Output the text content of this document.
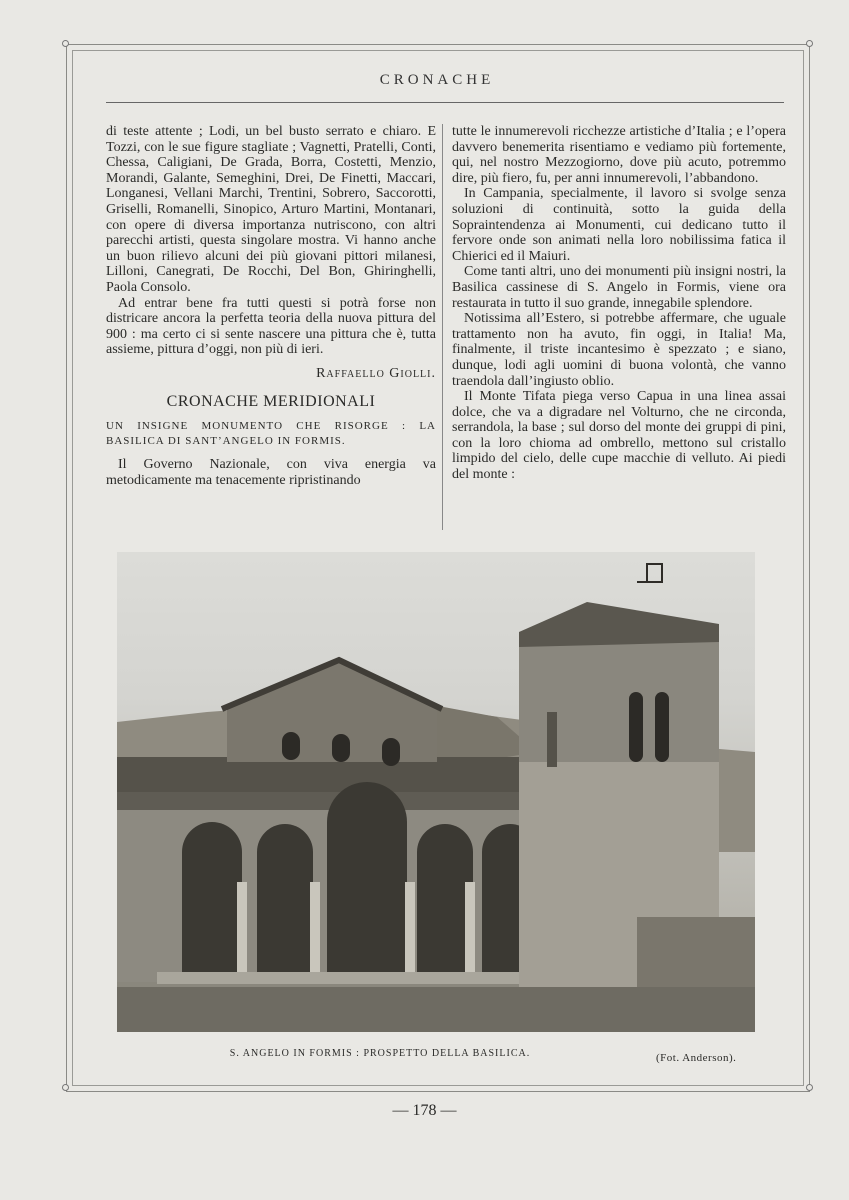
CRONACHE

di teste attente ; Lodi, un bel busto serrato e chiaro. E Tozzi, con le sue figure stagliate ; Vagnetti, Pratelli, Conti, Chessa, Caligiani, De Grada, Borra, Costetti, Menzio, Morandi, Galante, Semeghini, Drei, De Finetti, Maccari, Longanesi, Vellani Marchi, Trentini, Sobrero, Saccorotti, Griselli, Romanelli, Sinopico, Arturo Martini, Montanari, con opere di diversa importanza nutriscono, con altri parecchi artisti, questa singolare mostra. Vi hanno anche un buon rilievo alcuni dei più giovani pittori milanesi, Lilloni, Canegrati, De Rocchi, Del Bon, Ghiringhelli, Paola Consolo.

Ad entrar bene fra tutti questi si potrà forse non districare ancora la perfetta teoria della nuova pittura del 900 : ma certo ci si sente nascere una pittura che è, tutta assieme, pittura d’oggi, non più di ieri.

Raffaello Giolli.

CRONACHE MERIDIONALI

UN INSIGNE MONUMENTO CHE RISORGE : LA BASILICA DI SANT’ANGELO IN FORMIS.

Il Governo Nazionale, con viva energia va metodicamente ma tenacemente ripristinando

tutte le innumerevoli ricchezze artistiche d’Italia ; e l’opera davvero benemerita risentiamo e vediamo più fortemente, qui, nel nostro Mezzogiorno, dove più acuto, potremmo dire, più fiero, fu, per anni innumerevoli, l’abbandono.

In Campania, specialmente, il lavoro si svolge senza soluzioni di continuità, sotto la guida della Sopraintendenza ai Monumenti, cui dedicano tutto il fervore onde son animati nella loro nobilissima fatica il Chierici ed il Maiuri.

Come tanti altri, uno dei monumenti più insigni nostri, la Basilica cassinese di S. Angelo in Formis, viene ora restaurata in tutto il suo grande, innegabile splendore.

Notissima all’Estero, si potrebbe affermare, che uguale trattamento non ha avuto, fin oggi, in Italia! Ma, finalmente, il triste incantesimo è spezzato ; e siano, dunque, lodi agli uomini di buona volontà, che vanno traendola dall’ingiusto oblio.

Il Monte Tifata piega verso Capua in una linea assai dolce, che va a digradare nel Volturno, che ne circonda, serrandola, la base ; sul dorso del monte dei gruppi di pini, con la loro chioma ad ombrello, mettono sul cristallo limpido del cielo, delle cupe macchie di velluto. Ai piedi del monte :

S. ANGELO IN FORMIS : PROSPETTO DELLA BASILICA.	(Fot. Anderson).
— 178 —
